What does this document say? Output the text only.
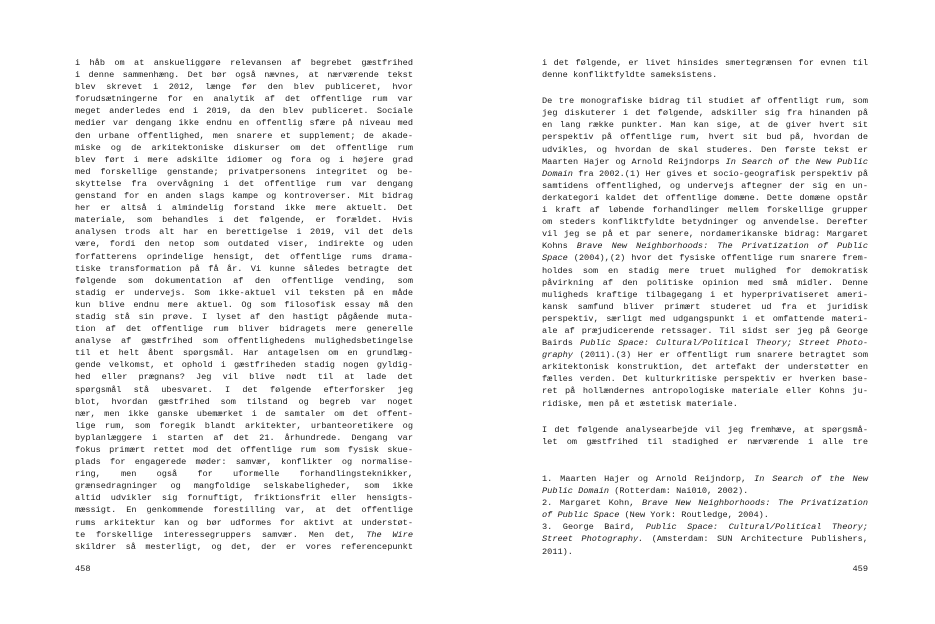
i håb om at anskueliggøre relevansen af begrebet gæstfrihed
i denne sammenhæng. Det bør også nævnes, at nærværende tekst
blev skrevet i 2012, længe før den blev publiceret, hvor
forudsætningerne for en analytik af det offentlige rum var
meget anderledes end i 2019, da den blev publiceret. Sociale
medier var dengang ikke endnu en offentlig sfære på niveau med
den urbane offentlighed, men snarere et supplement; de akade-
miske og de arkitektoniske diskurser om det offentlige rum
blev ført i mere adskilte idiomer og fora og i højere grad
med forskellige genstande; privatpersonens integritet og be-
skyttelse fra overvågning i det offentlige rum var dengang
genstand for en anden slags kampe og kontroverser. Mit bidrag
her er altså i almindelig forstand ikke mere aktuelt. Det
materiale, som behandles i det følgende, er forældet. Hvis
analysen trods alt har en berettigelse i 2019, vil det dels
være, fordi den netop som outdated viser, indirekte og uden
forfatterens oprindelige hensigt, det offentlige rums drama-
tiske transformation på få år. Vi kunne således betragte det
følgende som dokumentation af den offentlige vending, som
stadig er undervejs. Som ikke-aktuel vil teksten på en måde
kun blive endnu mere aktuel. Og som filosofisk essay må den
stadig stå sin prøve. I lyset af den hastigt pågående muta-
tion af det offentlige rum bliver bidragets mere generelle
analyse af gæstfrihed som offentlighedens mulighedsbetingelse
til et helt åbent spørgsmål. Har antagelsen om en grundlæg-
gende velkomst, et ophold i gæstfriheden stadig nogen gyldig-
hed eller prægnans? Jeg vil blive nødt til at lade det
spørgsmål stå ubesvaret. I det følgende efterforsker jeg
blot, hvordan gæstfrihed som tilstand og begreb var noget
nær, men ikke ganske ubemærket i de samtaler om det offent-
lige rum, som foregik blandt arkitekter, urbanteoretikere og
byplanlæggere i starten af det 21. århundrede. Dengang var
fokus primært rettet mod det offentlige rum som fysisk skue-
plads for engagerede møder: samvær, konflikter og normalise-
ring, men også for uformelle forhandlingsteknikker,
grænsedragninger og mangfoldige selskabeligheder, som ikke
altid udvikler sig fornuftigt, friktionsfrit eller hensigts-
mæssigt. En genkommende forestilling var, at det offentlige
rums arkitektur kan og bør udformes for aktivt at understøt-
te forskellige interessegruppers samvær. Men det, The Wire
skildrer så mesterligt, og det, der er vores referencepunkt
458
i det følgende, er livet hinsides smertegrænsen for evnen til
denne konfliktfyldte sameksistens.
De tre monografiske bidrag til studiet af offentligt rum, som
jeg diskuterer i det følgende, adskiller sig fra hinanden på
en lang række punkter. Man kan sige, at de giver hvert sit
perspektiv på offentlige rum, hvert sit bud på, hvordan de
udvikles, og hvordan de skal studeres. Den første tekst er
Maarten Hajer og Arnold Reijndorps In Search of the New Public
Domain fra 2002.(1) Her gives et socio-geografisk perspektiv på
samtidens offentlighed, og undervejs aftegner der sig en un-
derkategori kaldet det offentlige domæne. Dette domæne opstår
i kraft af løbende forhandlinger mellem forskellige grupper
om steders konfliktfyldte betydninger og anvendelse. Derefter
vil jeg se på et par senere, nordamerikanske bidrag: Margaret
Kohns Brave New Neighborhoods: The Privatization of Public
Space (2004),(2) hvor det fysiske offentlige rum snarere frem-
holdes som en stadig mere truet mulighed for demokratisk
påvirkning af den politiske opinion med små midler. Denne
muligheds kraftige tilbagegang i et hyperprivatiseret ameri-
kansk samfund bliver primært studeret ud fra et juridisk
perspektiv, særligt med udgangspunkt i et omfattende materi-
ale af præjudicerende retssager. Til sidst ser jeg på George
Bairds Public Space: Cultural/Political Theory; Street Photo-
graphy (2011).(3) Her er offentligt rum snarere betragtet som
arkitektonisk konstruktion, det artefakt der understøtter en
fælles verden. Det kulturkritiske perspektiv er hverken base-
ret på hollændernes antropologiske materiale eller Kohns ju-
ridiske, men på et æstetisk materiale.
I det følgende analysearbejde vil jeg fremhæve, at spørgsmå-
let om gæstfrihed til stadighed er nærværende i alle tre
1. Maarten Hajer og Arnold Reijndorp, In Search of the New
Public Domain (Rotterdam: Nai010, 2002).
2. Margaret Kohn, Brave New Neighborhoods: The Privatization
of Public Space (New York: Routledge, 2004).
3. George Baird, Public Space: Cultural/Political Theory;
Street Photography. (Amsterdam: SUN Architecture Publishers,
2011).
459
